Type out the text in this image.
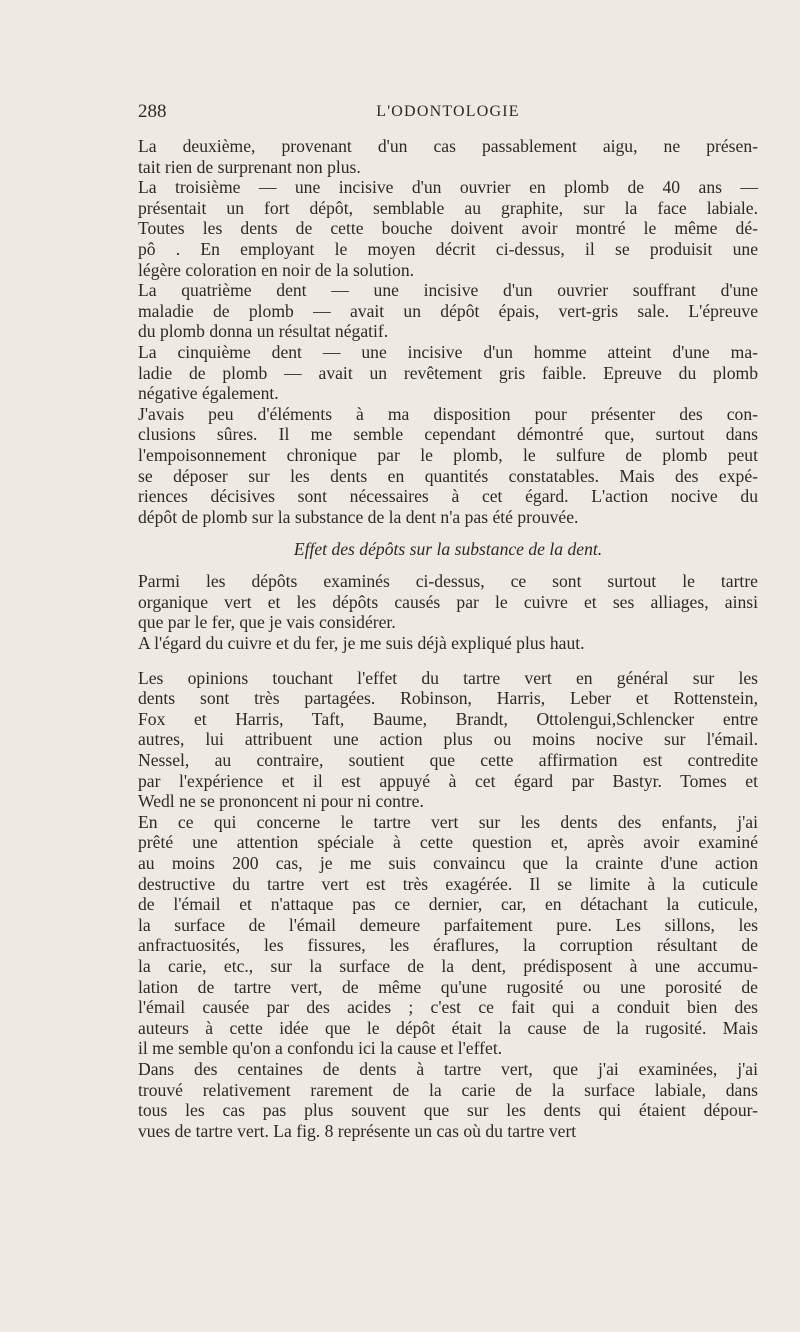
288	L'ODONTOLOGIE
La deuxième, provenant d'un cas passablement aigu, ne présen-
tait rien de surprenant non plus.
La troisième — une incisive d'un ouvrier en plomb de 40 ans —
présentait un fort dépôt, semblable au graphite, sur la face labiale.
Toutes les dents de cette bouche doivent avoir montré le même dé-
pô . En employant le moyen décrit ci-dessus, il se produisit une
légère coloration en noir de la solution.
La quatrième dent — une incisive d'un ouvrier souffrant d'une
maladie de plomb — avait un dépôt épais, vert-gris sale. L'épreuve
du plomb donna un résultat négatif.
La cinquième dent — une incisive d'un homme atteint d'une ma-
ladie de plomb — avait un revêtement gris faible. Epreuve du plomb
négative également.
J'avais peu d'éléments à ma disposition pour présenter des con-
clusions sûres. Il me semble cependant démontré que, surtout dans
l'empoisonnement chronique par le plomb, le sulfure de plomb peut
se déposer sur les dents en quantités constatables. Mais des expé-
riences décisives sont nécessaires à cet égard. L'action nocive du
dépôt de plomb sur la substance de la dent n'a pas été prouvée.
Effet des dépôts sur la substance de la dent.
Parmi les dépôts examinés ci-dessus, ce sont surtout le tartre
organique vert et les dépôts causés par le cuivre et ses alliages, ainsi
que par le fer, que je vais considérer.
A l'égard du cuivre et du fer, je me suis déjà expliqué plus haut.
Les opinions touchant l'effet du tartre vert en général sur les
dents sont très partagées. Robinson, Harris, Leber et Rottenstein,
Fox et Harris, Taft, Baume, Brandt, Ottolengui,Schlencker entre
autres, lui attribuent une action plus ou moins nocive sur l'émail.
Nessel, au contraire, soutient que cette affirmation est contredite
par l'expérience et il est appuyé à cet égard par Bastyr. Tomes et
Wedl ne se prononcent ni pour ni contre.
En ce qui concerne le tartre vert sur les dents des enfants, j'ai
prêté une attention spéciale à cette question et, après avoir examiné
au moins 200 cas, je me suis convaincu que la crainte d'une action
destructive du tartre vert est très exagérée. Il se limite à la cuticule
de l'émail et n'attaque pas ce dernier, car, en détachant la cuticule,
la surface de l'émail demeure parfaitement pure. Les sillons, les
anfractuosités, les fissures, les éraflures, la corruption résultant de
la carie, etc., sur la surface de la dent, prédisposent à une accumu-
lation de tartre vert, de même qu'une rugosité ou une porosité de
l'émail causée par des acides ; c'est ce fait qui a conduit bien des
auteurs à cette idée que le dépôt était la cause de la rugosité. Mais
il me semble qu'on a confondu ici la cause et l'effet.
Dans des centaines de dents à tartre vert, que j'ai examinées, j'ai
trouvé relativement rarement de la carie de la surface labiale, dans
tous les cas pas plus souvent que sur les dents qui étaient dépour-
vues de tartre vert. La fig. 8 représente un cas où du tartre vert
